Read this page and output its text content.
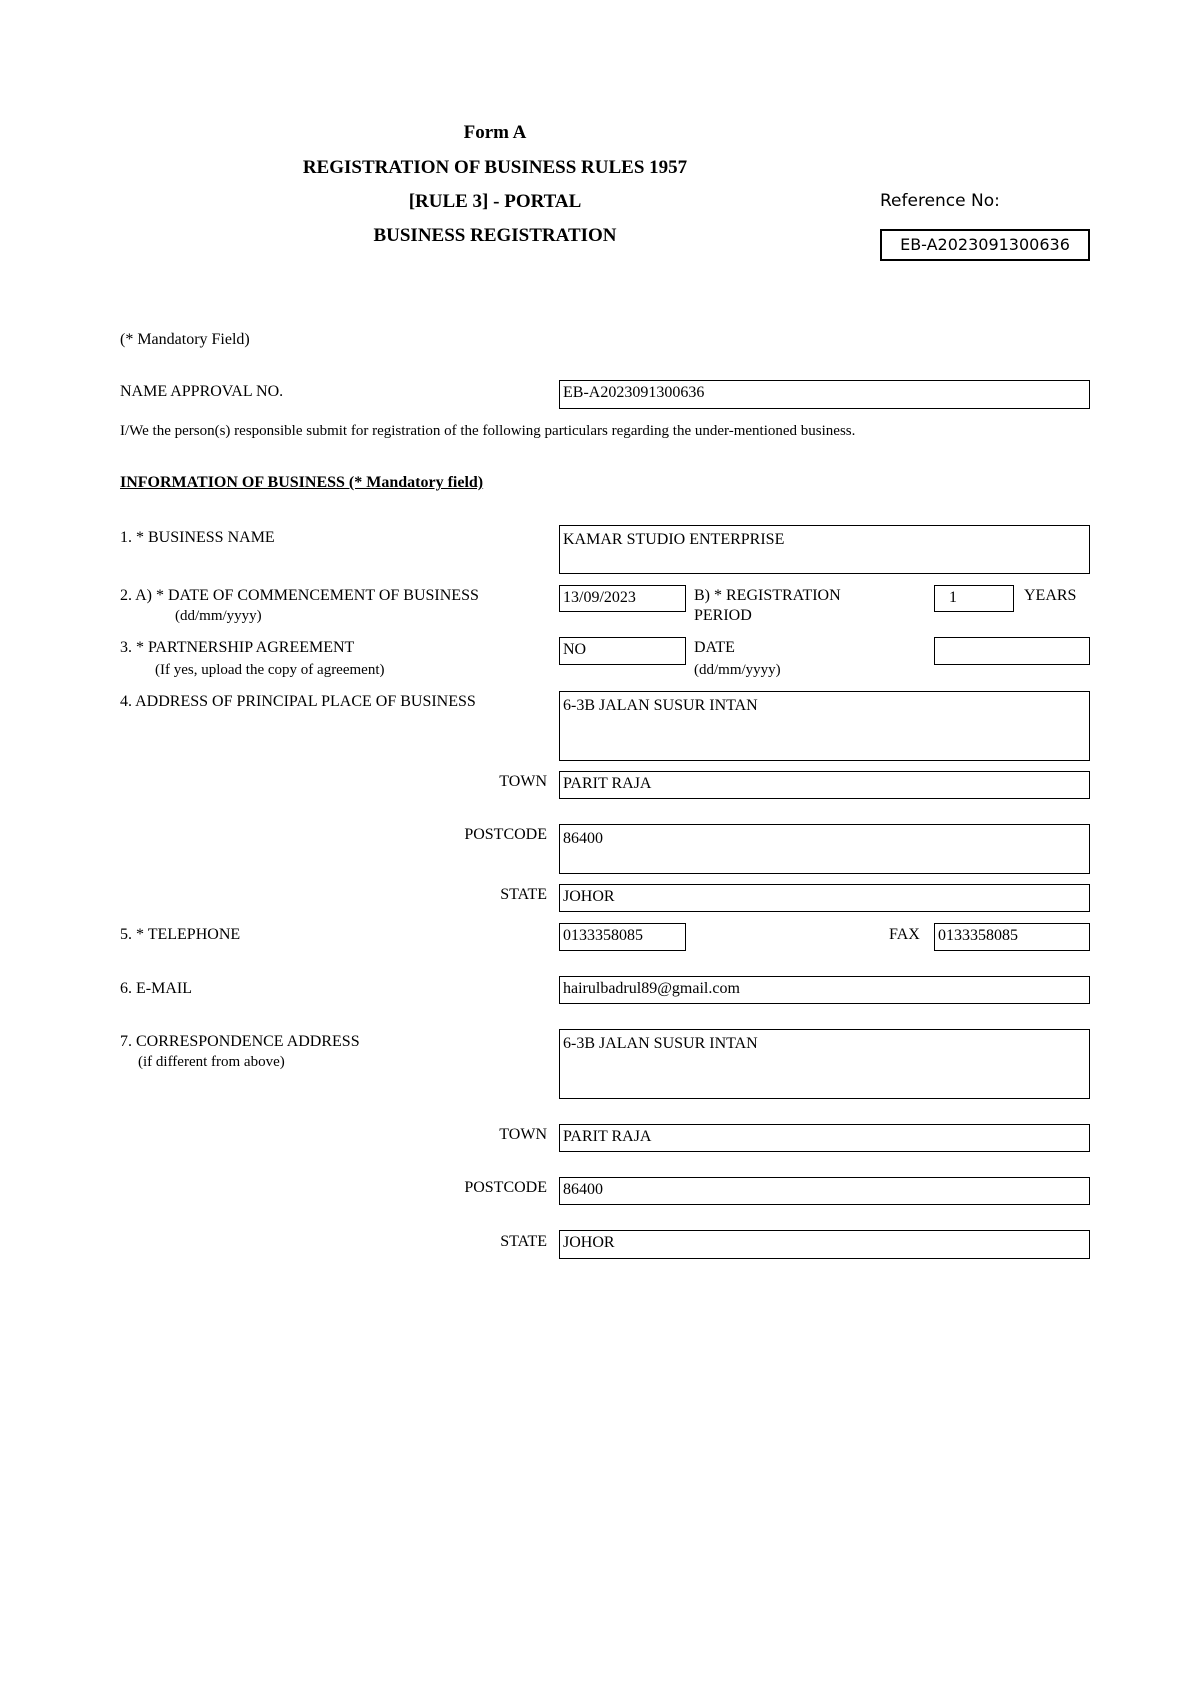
Form A
REGISTRATION OF BUSINESS RULES 1957
[RULE 3] - PORTAL
BUSINESS REGISTRATION
Reference No:
EB-A2023091300636
(* Mandatory Field)
NAME APPROVAL NO.	EB-A2023091300636
I/We the person(s) responsible submit for registration of the following particulars regarding the under-mentioned business.
INFORMATION OF BUSINESS (* Mandatory field)
1. * BUSINESS NAME	KAMAR STUDIO ENTERPRISE
2. A) * DATE OF COMMENCEMENT OF BUSINESS
(dd/mm/yyyy)
13/09/2023	B) * REGISTRATION
PERIOD
1	YEARS
3. * PARTNERSHIP AGREEMENT
(If yes, upload the copy of agreement)
NO	DATE
(dd/mm/yyyy)
4. ADDRESS OF PRINCIPAL PLACE OF BUSINESS	6-3B JALAN SUSUR INTAN
TOWN PARIT RAJA
POSTCODE 86400
STATE JOHOR
5. * TELEPHONE	0133358085	FAX 0133358085
6. E-MAIL	hairulbadrul89@gmail.com
7. CORRESPONDENCE ADDRESS
(if different from above)
6-3B JALAN SUSUR INTAN
TOWN PARIT RAJA
POSTCODE 86400
STATE JOHOR
